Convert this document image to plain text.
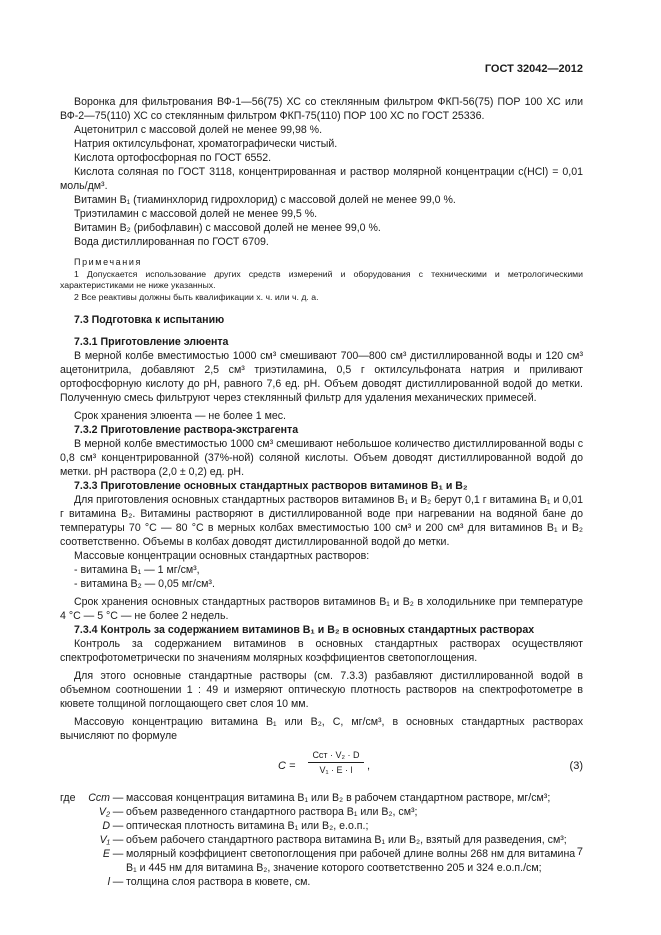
ГОСТ 32042—2012

Воронка для фильтрования ВФ-1—56(75) ХС со стеклянным фильтром ФКП-56(75) ПОР 100 ХС или ВФ-2—75(110) ХС со стеклянным фильтром ФКП-75(110) ПОР 100 ХС по ГОСТ 25336.

Ацетонитрил с массовой долей не менее 99,98 %.

Натрия октилсульфонат, хроматографически чистый.

Кислота ортофосфорная по ГОСТ 6552.

Кислота соляная по ГОСТ 3118, концентрированная и раствор молярной концентрации c(HCl) = 0,01 моль/дм³.

Витамин В₁ (тиаминхлорид гидрохлорид) с массовой долей не менее 99,0 %.

Триэтиламин с массовой долей не менее 99,5 %.

Витамин В₂ (рибофлавин) с массовой долей не менее 99,0 %.

Вода дистиллированная по ГОСТ 6709.

Примечания

1 Допускается использование других средств измерений и оборудования с техническими и метрологическими характеристиками не ниже указанных.

2 Все реактивы должны быть квалификации х. ч. или ч. д. а.

7.3 Подготовка к испытанию

7.3.1 Приготовление элюента

В мерной колбе вместимостью 1000 см³ смешивают 700—800 см³ дистиллированной воды и 120 см³ ацетонитрила, добавляют 2,5 см³ триэтиламина, 0,5 г октилсульфоната натрия и приливают ортофосфорную кислоту до pH, равного 7,6 ед. pH. Объем доводят дистиллированной водой до метки. Полученную смесь фильтруют через стеклянный фильтр для удаления механических примесей.

Срок хранения элюента — не более 1 мес.

7.3.2 Приготовление раствора-экстрагента

В мерной колбе вместимостью 1000 см³ смешивают небольшое количество дистиллированной воды с 0,8 см³ концентрированной (37%-ной) соляной кислоты. Объем доводят дистиллированной водой до метки. pH раствора (2,0 ± 0,2) ед. pH.

7.3.3 Приготовление основных стандартных растворов витаминов В₁ и В₂

Для приготовления основных стандартных растворов витаминов В₁ и В₂ берут 0,1 г витамина В₁ и 0,01 г витамина В₂. Витамины растворяют в дистиллированной воде при нагревании на водяной бане до температуры 70 °С — 80 °С в мерных колбах вместимостью 100 см³ и 200 см³ для витаминов В₁ и В₂ соответственно. Объемы в колбах доводят дистиллированной водой до метки.

Массовые концентрации основных стандартных растворов:

- витамина В₁ — 1 мг/см³,

- витамина В₂ — 0,05 мг/см³.

Срок хранения основных стандартных растворов витаминов В₁ и В₂ в холодильнике при температуре 4 °С — 5 °С — не более 2 недель.

7.3.4 Контроль за содержанием витаминов В₁ и В₂ в основных стандартных растворах

Контроль за содержанием витаминов в основных стандартных растворах осуществляют спектрофотометрически по значениям молярных коэффициентов светопоглощения.

Для этого основные стандартные растворы (см. 7.3.3) разбавляют дистиллированной водой в объемном соотношении 1 : 49 и измеряют оптическую плотность растворов на спектрофотометре в кювете толщиной поглощающего свет слоя 10 мм.

Массовую концентрацию витамина В₁ или В₂, C, мг/см³, в основных стандартных растворах вычисляют по формуле

C =
Cст · V₂ · D
V₁ · E · l	,	(3)
где	Cст — массовая концентрация витамина В₁ или В₂ в рабочем стандартном растворе, мг/см³;
V₂ — объем разведенного стандартного раствора В₁ или В₂, см³;
D — оптическая плотность витамина В₁ или В₂, е.о.п.;
V₁ — объем рабочего стандартного раствора витамина В₁ или В₂, взятый для разведения, см³;
E — молярный коэффициент светопоглощения при рабочей длине волны 268 нм для витамина В₁ и 445 нм для витамина В₂, значение которого соответственно 205 и 324 е.о.п./см;
l — толщина слоя раствора в кювете, см.
7
